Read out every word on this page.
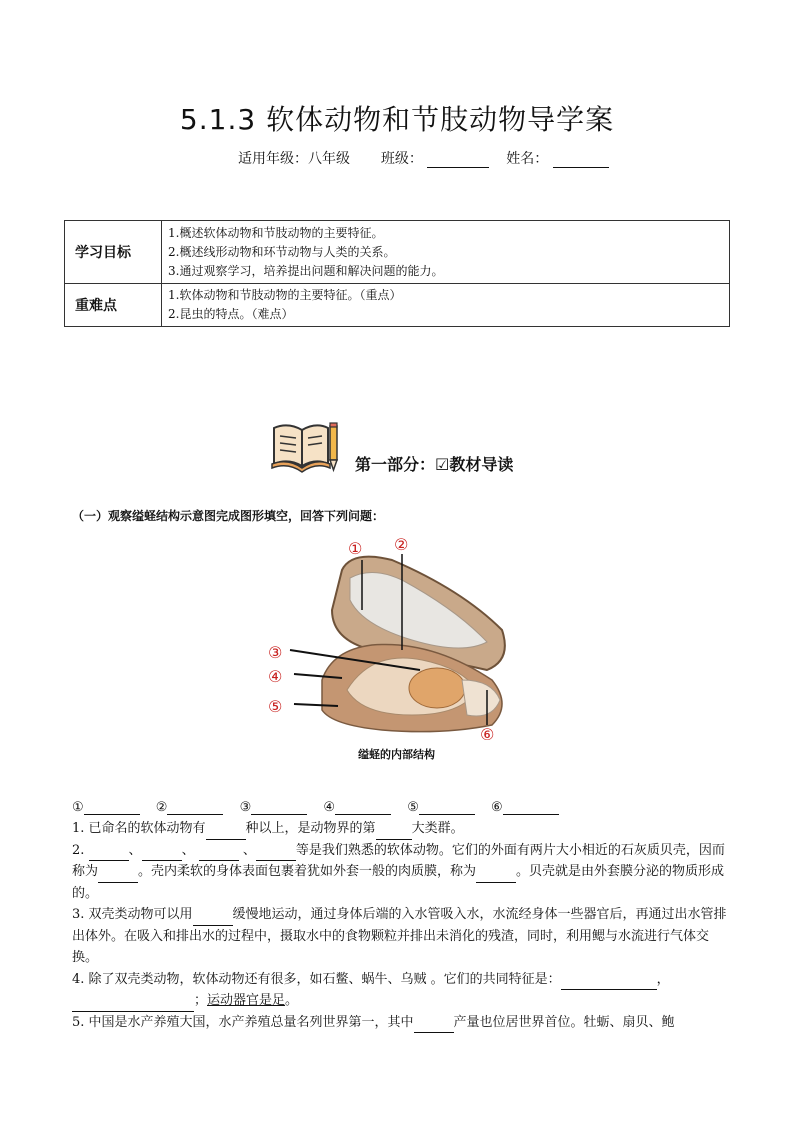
5.1.3 软体动物和节肢动物导学案
适用年级：八年级 班级：	姓名：
学习目标	1.概述软体动物和节肢动物的主要特征。
2.概述线形动物和环节动物与人类的关系。
3.通过观察学习，培养提出问题和解决问题的能力。

重难点	1.软体动物和节肢动物的主要特征。（重点）
2.昆虫的特点。（难点）
第一部分：☑教材导读
（一）观察缢蛏结构示意图完成图形填空，回答下列问题：
① ②
③
④
⑤
⑥
缢蛏的内部结构
①	②	③	④	⑤	⑥

1. 已命名的软体动物有	种以上，是动物界的第	大类群。

2.	、	、	、	等是我们熟悉的软体动物。它们的外面有两片大小相近的石灰质贝壳，因而称为	。壳内柔软的身体表面包裹着犹如外套一般的肉质膜，称为	。贝壳就是由外套膜分泌的物质形成的。

3. 双壳类动物可以用	缓慢地运动，通过身体后端的入水管吸入水，水流经身体一些器官后，再通过出水管排出体外。在吸入和排出水的过程中，摄取水中的食物颗粒并排出未消化的残渣，同时，利用鳃与水流进行气体交换。

4. 除了双壳类动物，软体动物还有很多，如石鳖、蜗牛、乌贼 。它们的共同特征是：	，；运动器官是足。

5. 中国是水产养殖大国，水产养殖总量名列世界第一，其中	产量也位居世界首位。牡蛎、扇贝、鲍
